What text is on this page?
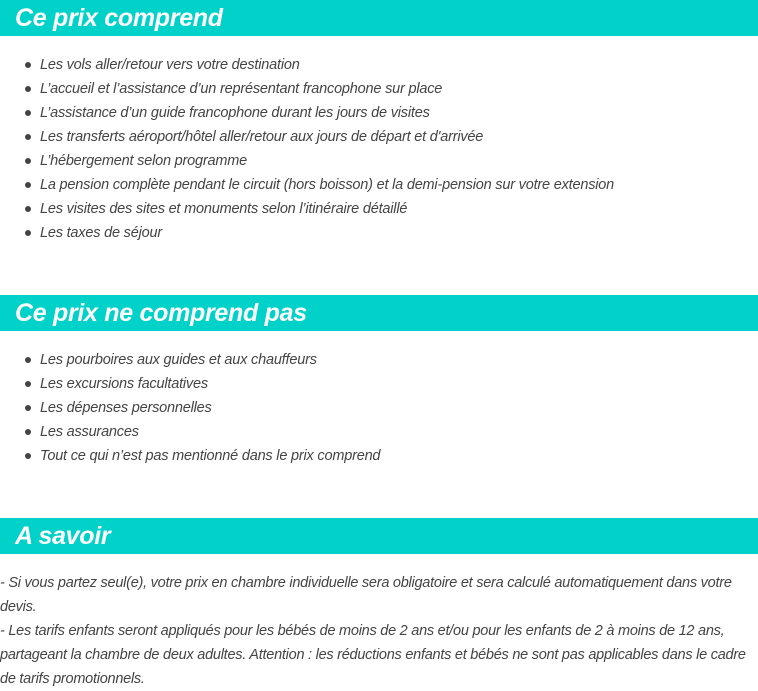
Ce prix comprend
Les vols aller/retour vers votre destination
L’accueil et l’assistance d’un représentant francophone sur place
L’assistance d’un guide francophone durant les jours de visites
Les transferts aéroport/hôtel aller/retour aux jours de départ et d'arrivée
L’hébergement selon programme
La pension complète pendant le circuit (hors boisson) et la demi-pension sur votre extension
Les visites des sites et monuments selon l’itinéraire détaillé
Les taxes de séjour
Ce prix ne comprend pas
Les pourboires aux guides et aux chauffeurs
Les excursions facultatives
Les dépenses personnelles
Les assurances
Tout ce qui n’est pas mentionné dans le prix comprend
A savoir

- Si vous partez seul(e), votre prix en chambre individuelle sera obligatoire et sera calculé automatiquement dans votre devis.

- Les tarifs enfants seront appliqués pour les bébés de moins de 2 ans et/ou pour les enfants de 2 à moins de 12 ans, partageant la chambre de deux adultes. Attention : les réductions enfants et bébés ne sont pas applicables dans le cadre de tarifs promotionnels.
